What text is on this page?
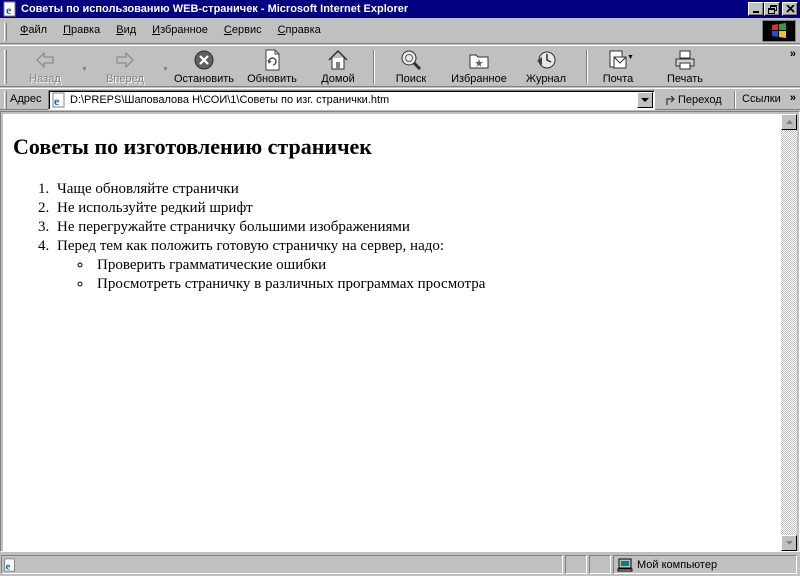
e Советы по использованию WEB-страничек - Microsoft Internet Explorer
Файл	Правка	Вид	Избранное	Сервис	Справка
Назад
▼
Вперед
▼
Остановить Обновить Домой	Поиск Избранное Журнал	Почта
▼
Печать
»
Адрес e D:\PREPS\Шаповалова Н\СОИ\1\Советы по изг. странички.htm	Переход Ссылки »
Советы по изготовлению страничек
1. Чаще обновляйте странички
2. Не используйте редкий шрифт
3. Не перегружайте страничку большими изображениями
4. Перед тем как положить готовую страничку на сервер, надо:
◦ Проверить грамматические ошибки
◦ Просмотреть страничку в различных программах просмотра
e	Мой компьютер
